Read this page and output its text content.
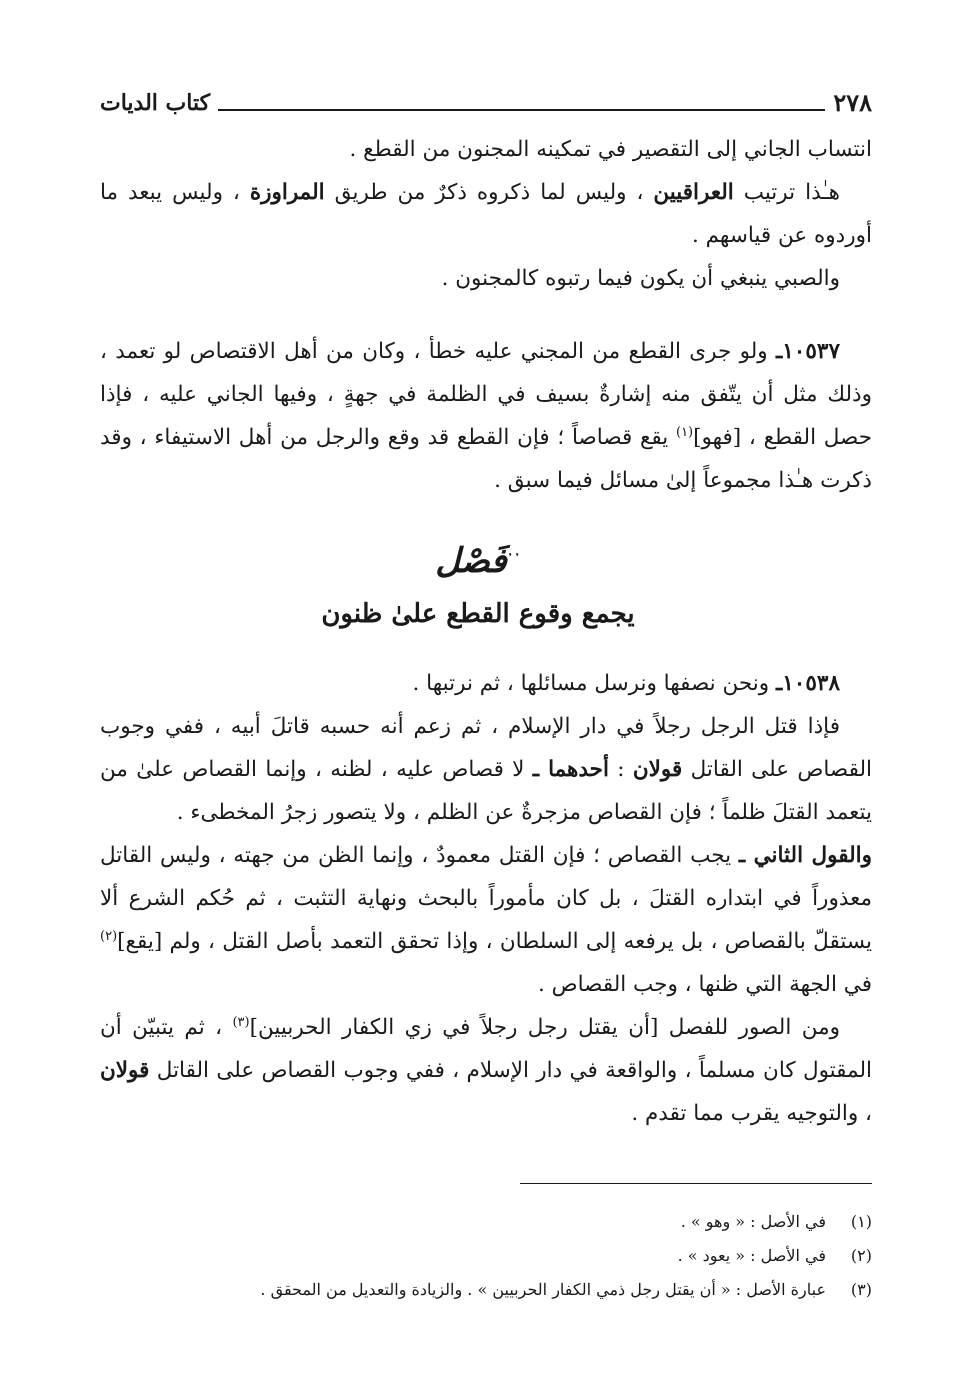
٢٧٨
كتاب الديات

انتساب الجاني إلى التقصير في تمكينه المجنون من القطع .

هـٰذا ترتيب العراقيين ، وليس لما ذكروه ذكرٌ من طريق المراوزة ، وليس يبعد ما أوردوه عن قياسهم .

والصبي ينبغي أن يكون فيما رتبوه كالمجنون .

١٠٥٣٧ـ ولو جرى القطع من المجني عليه خطأ ، وكان من أهل الاقتصاص لو تعمد ، وذلك مثل أن يتّفق منه إشارةٌ بسيف في الظلمة في جهةٍ ، وفيها الجاني عليه ، فإذا حصل القطع ، [فهو]$^{(١)}$ يقع قصاصاً ؛ فإن القطع قد وقع والرجل من أهل الاستيفاء ، وقد ذكرت هـٰذا مجموعاً إلىٰ مسائل فيما سبق .

᾿᾿فَصْل
يجمع وقوع القطع علىٰ ظنون

١٠٥٣٨ـ ونحن نصفها ونرسل مسائلها ، ثم نرتبها .

فإذا قتل الرجل رجلاً في دار الإسلام ، ثم زعم أنه حسبه قاتلَ أبيه ، ففي وجوب القصاص على القاتل قولان : أحدهما ـ لا قصاص عليه ، لظنه ، وإنما القصاص علىٰ من يتعمد القتلَ ظلماً ؛ فإن القصاص مزجرةٌ عن الظلم ، ولا يتصور زجرُ المخطىء .

والقول الثاني ـ يجب القصاص ؛ فإن القتل معمودٌ ، وإنما الظن من جهته ، وليس القاتل معذوراً في ابتداره القتلَ ، بل كان مأموراً بالبحث ونهاية التثبت ، ثم حُكم الشرع ألا يستقلّ بالقصاص ، بل يرفعه إلى السلطان ، وإذا تحقق التعمد بأصل القتل ، ولم [يقع]$^{(٢)}$ في الجهة التي ظنها ، وجب القصاص .

ومن الصور للفصل [أن يقتل رجل رجلاً في زي الكفار الحربيين]$^{(٣)}$ ، ثم يتبيّن أن المقتول كان مسلماً ، والواقعة في دار الإسلام ، ففي وجوب القصاص على القاتل قولان ، والتوجيه يقرب مما تقدم .

(١)
في الأصل : « وهو » .
(٢)
في الأصل : « يعود » .
(٣)
عبارة الأصل : « أن يقتل رجل ذمي الكفار الحربيين » . والزيادة والتعديل من المحقق .
